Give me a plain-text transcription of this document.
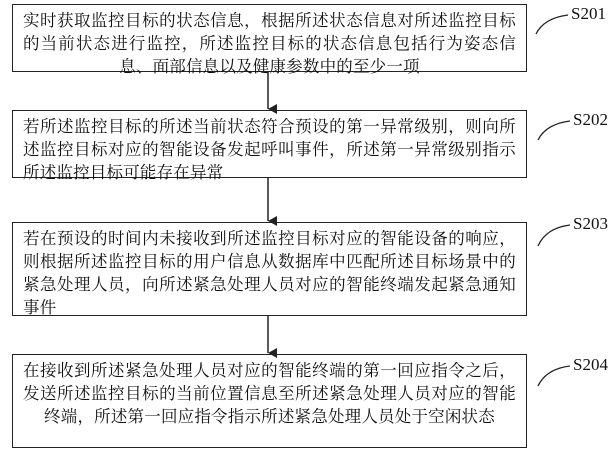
实时获取监控目标的状态信息，根据所述状态信息对所述监控目标的当前状态进行监控，所述监控目标的状态信息包括行为姿态信息、面部信息以及健康参数中的至少一项

若所述监控目标的所述当前状态符合预设的第一异常级别，则向所述监控目标对应的智能设备发起呼叫事件，所述第一异常级别指示所述监控目标可能存在异常

若在预设的时间内未接收到所述监控目标对应的智能设备的响应，则根据所述监控目标的用户信息从数据库中匹配所述目标场景中的紧急处理人员，向所述紧急处理人员对应的智能终端发起紧急通知事件

在接收到所述紧急处理人员对应的智能终端的第一回应指令之后，发送所述监控目标的当前位置信息至所述紧急处理人员对应的智能终端，所述第一回应指令指示所述紧急处理人员处于空闲状态

S201
S202
S203
S204
